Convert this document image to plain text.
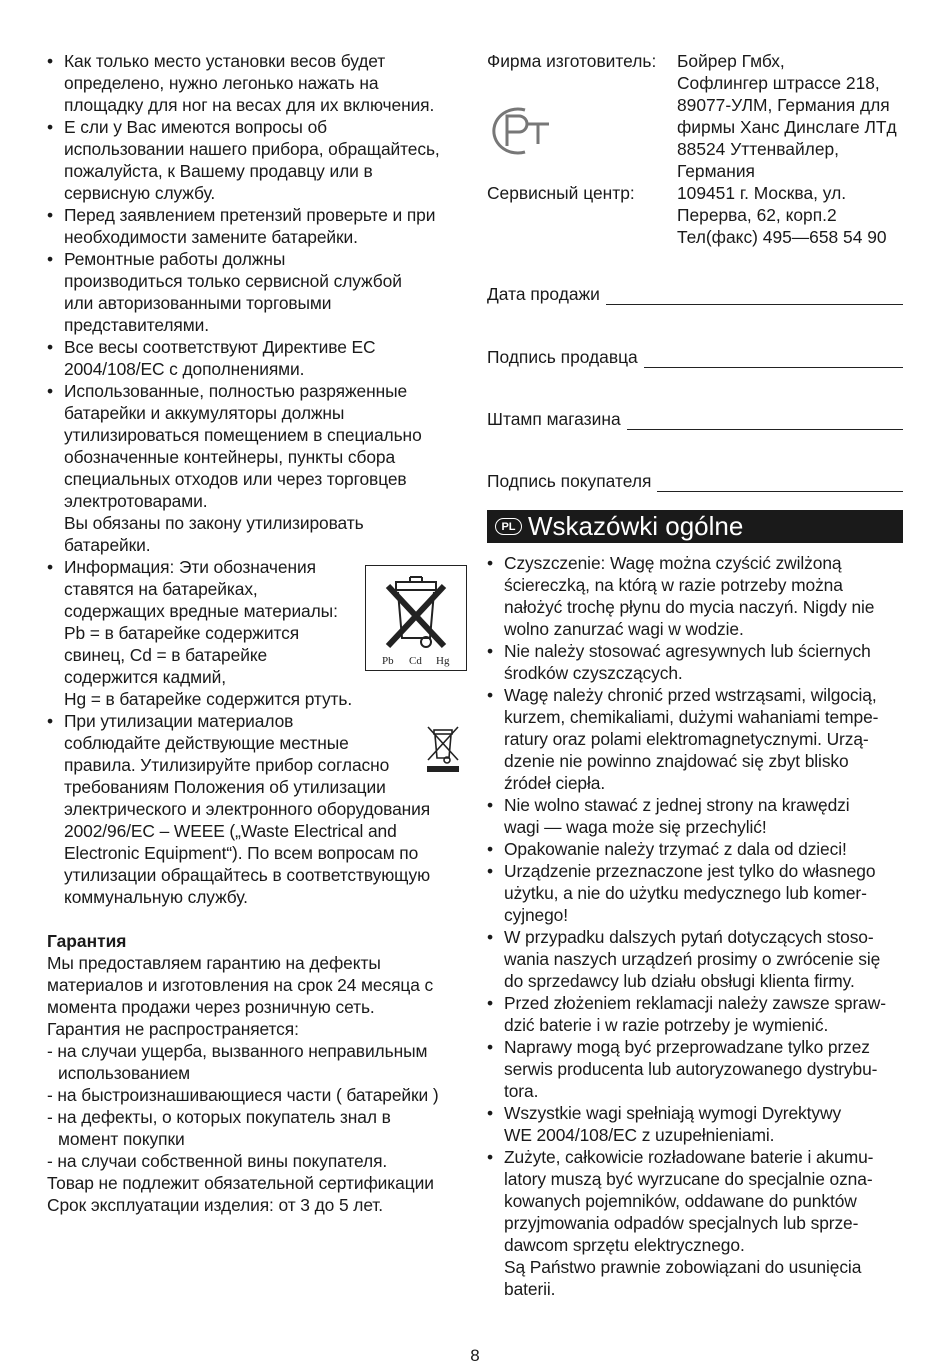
• Как только место установки весов будет
определено, нужно легонько нажать на
площадку для ног на весах для их включения.
• Е сли у Вас имеются вопросы об
использовании нашего прибора, обращайтесь,
пожалуйста, к Вашему продавцу или в
сервисную службу.
• Перед заявлением претензий проверьте и при
необходимости замените батарейки.
• Ремонтные работы должны
производиться только сервисной службой
или авторизованными торговыми
представителями.
• Все весы соответствуют Директиве ЕС
2004/108/EC с дополнениями.
• Использованные, полностью разряженные
батарейки и аккумуляторы должны
утилизироваться помещением в специально
обозначенные контейнеры, пункты сбора
специальных отходов или через торговцев
электротоварами.
Вы обязаны по закону утилизировать
батарейки.
• Информация: Эти обозначения
ставятся на батарейках,
содержащих вредные материалы:
Pb = в батарейке содержится
свинец, Cd = в батарейке
содержится кадмий,
Hg = в батарейке содержится ртуть.
• При утилизации материалов
соблюдайте действующие местные
правила. Утилизируйте прибор согласно
требованиям Положения об утилизации
электрического и электронного оборудования
2002/96/EC – WEEE („Waste Electrical and
Electronic Equipment“). По всем вопросам по
утилизации обращайтесь в соответствующую
коммунальную службу.
Pb Cd Hg
Гарантия
Мы предоставляем гарантию на дефекты
материалов и изготовления на срок 24 месяца с
момента продажи через розничную сеть.
Гарантия не распространяется:
- на случаи ущерба, вызванного неправильным
использованием
- на быстроизнашивающиеся части ( батарейки )
- на дефекты, о которых покупатель знал в
момент покупки
- на случаи собственной вины покупателя.
Товар не подлежит обязательной сертификации
Срок эксплуатации изделия: от 3 до 5 лет.
Фирма изготовитель: Бойрер Гмбх,
Софлингер штрассе 218,
89077-УЛМ, Германия для
фирмы Ханс Динслаге ЛТд
88524 Уттенвайлер,
Германия
Сервисный центр: 109451 г. Москва, ул.
Перерва, 62, корп.2
Тел(факс) 495—658 54 90
Дата продажи
Подпись продавца
Штамп магазина
Подпись покупателя
PL Wskazówki ogólne
• Czyszczenie: Wagę można czyścić zwilżoną
ściereczką, na którą w razie potrzeby można
nałożyć trochę płynu do mycia naczyń. Nigdy nie
wolno zanurzać wagi w wodzie.
• Nie należy stosować agresywnych lub ściernych
środków czyszczących.
• Wagę należy chronić przed wstrząsami, wilgocią,
kurzem, chemikaliami, dużymi wahaniami tempe-
ratury oraz polami elektromagnetycznymi. Urzą-
dzenie nie powinno znajdować się zbyt blisko
źródeł ciepła.
• Nie wolno stawać z jednej strony na krawędzi
wagi — waga może się przechylić!
• Opakowanie należy trzymać z dala od dzieci!
• Urządzenie przeznaczone jest tylko do własnego
użytku, a nie do użytku medycznego lub komer-
cyjnego!
• W przypadku dalszych pytań dotyczących stoso-
wania naszych urządzeń prosimy o zwrócenie się
do sprzedawcy lub działu obsługi klienta firmy.
• Przed złożeniem reklamacji należy zawsze spraw-
dzić baterie i w razie potrzeby je wymienić.
• Naprawy mogą być przeprowadzane tylko przez
serwis producenta lub autoryzowanego dystrybu-
tora.
• Wszystkie wagi spełniają wymogi Dyrektywy
WE 2004/108/EC z uzupełnieniami.
• Zużyte, całkowicie rozładowane baterie i akumu-
latory muszą być wyrzucane do specjalnie ozna-
kowanych pojemników, oddawane do punktów
przyjmowania odpadów specjalnych lub sprze-
dawcom sprzętu elektrycznego.
Są Państwo prawnie zobowiązani do usunięcia
baterii.
8
